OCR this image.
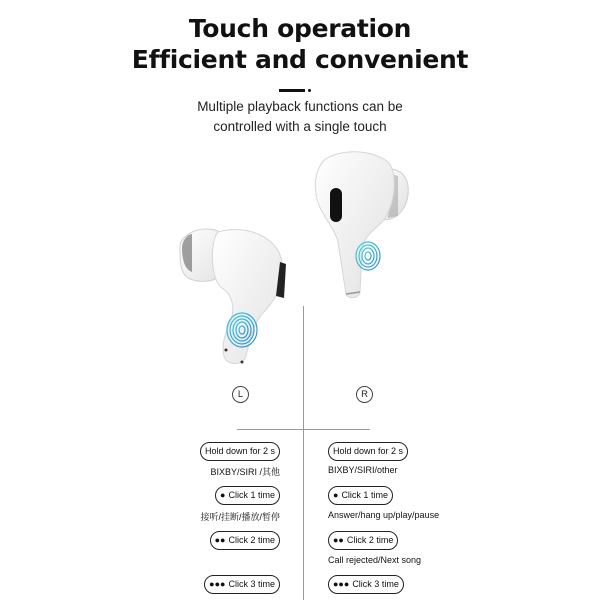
Touch operation
Efficient and convenient
Multiple playback functions can be
controlled with a single touch
L	R
Hold down for 2 s
BIXBY/SIRI /其他
● Click 1 time
接听/挂断/播放/暂停
●● Click 2 time
●●● Click 3 time
Hold down for 2 s
BIXBY/SIRI/other
● Click 1 time
Answer/hang up/play/pause
●● Click 2 time
Call rejected/Next song
●●● Click 3 time
